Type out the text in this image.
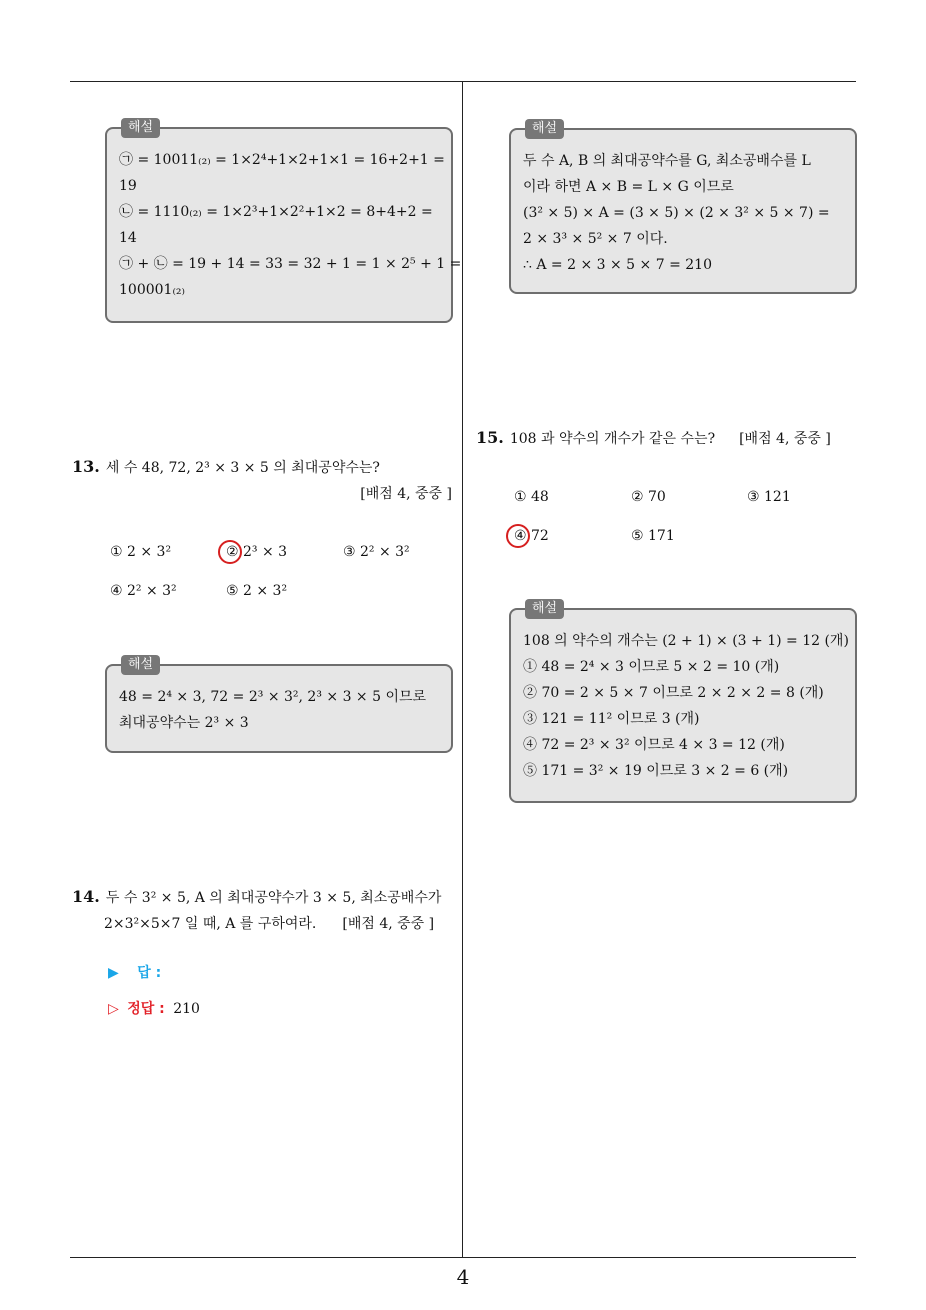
해설
㉠ = 10011₍₂₎ = 1×2⁴+1×2+1×1 = 16+2+1 =
19
㉡ = 1110₍₂₎ = 1×2³+1×2²+1×2 = 8+4+2 =
14
㉠ + ㉡ = 19 + 14 = 33 = 32 + 1 = 1 × 2⁵ + 1 =
100001₍₂₎
13. 세 수 48, 72, 2³ × 3 × 5 의 최대공약수는?
[배점 4, 중중 ]
① 2 × 3²	② 2³ × 3	③ 2² × 3²
④ 2² × 3²	⑤ 2 × 3²
해설
48 = 2⁴ × 3, 72 = 2³ × 3², 2³ × 3 × 5 이므로
최대공약수는 2³ × 3
14. 두 수 3² × 5, A 의 최대공약수가 3 × 5, 최소공배수가
2×3²×5×7 일 때, A 를 구하여라. [배점 4, 중중 ]
▶ 답 :
▷ 정답 : 210
해설
두 수 A, B 의 최대공약수를 G, 최소공배수를 L
이라 하면 A × B = L × G 이므로
(3² × 5) × A = (3 × 5) × (2 × 3² × 5 × 7) =
2 × 3³ × 5² × 7 이다.
∴ A = 2 × 3 × 5 × 7 = 210
15. 108 과 약수의 개수가 같은 수는? [배점 4, 중중 ]
① 48	② 70	③ 121
④ 72	⑤ 171
해설
108 의 약수의 개수는 (2 + 1) × (3 + 1) = 12 (개)
① 48 = 2⁴ × 3 이므로 5 × 2 = 10 (개)
② 70 = 2 × 5 × 7 이므로 2 × 2 × 2 = 8 (개)
③ 121 = 11² 이므로 3 (개)
④ 72 = 2³ × 3² 이므로 4 × 3 = 12 (개)
⑤ 171 = 3² × 19 이므로 3 × 2 = 6 (개)
4
